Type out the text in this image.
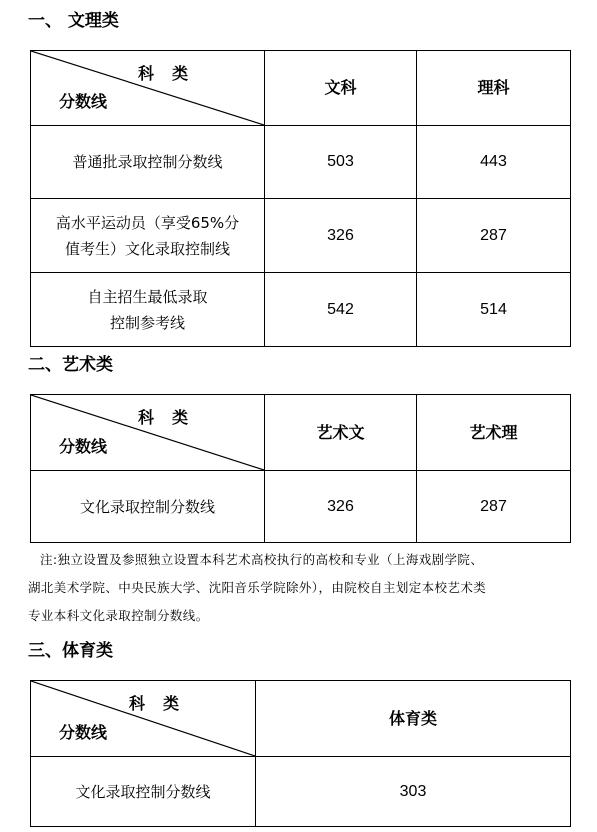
一、 文理类
科类
分数线	文科	理科
普通批录取控制分数线	503	443

高水平运动员（享受65%分
值考生）文化录取控制线	326	287

自主招生最低录取
控制参考线	542	514
二、艺术类
科类
分数线	艺术文	艺术理
文化录取控制分数线	326	287
注:独立设置及参照独立设置本科艺术高校执行的高校和专业（上海戏剧学院、
湖北美术学院、中央民族大学、沈阳音乐学院除外），由院校自主划定本校艺术类
专业本科文化录取控制分数线。
三、体育类
科类
分数线	体育类
文化录取控制分数线	303
